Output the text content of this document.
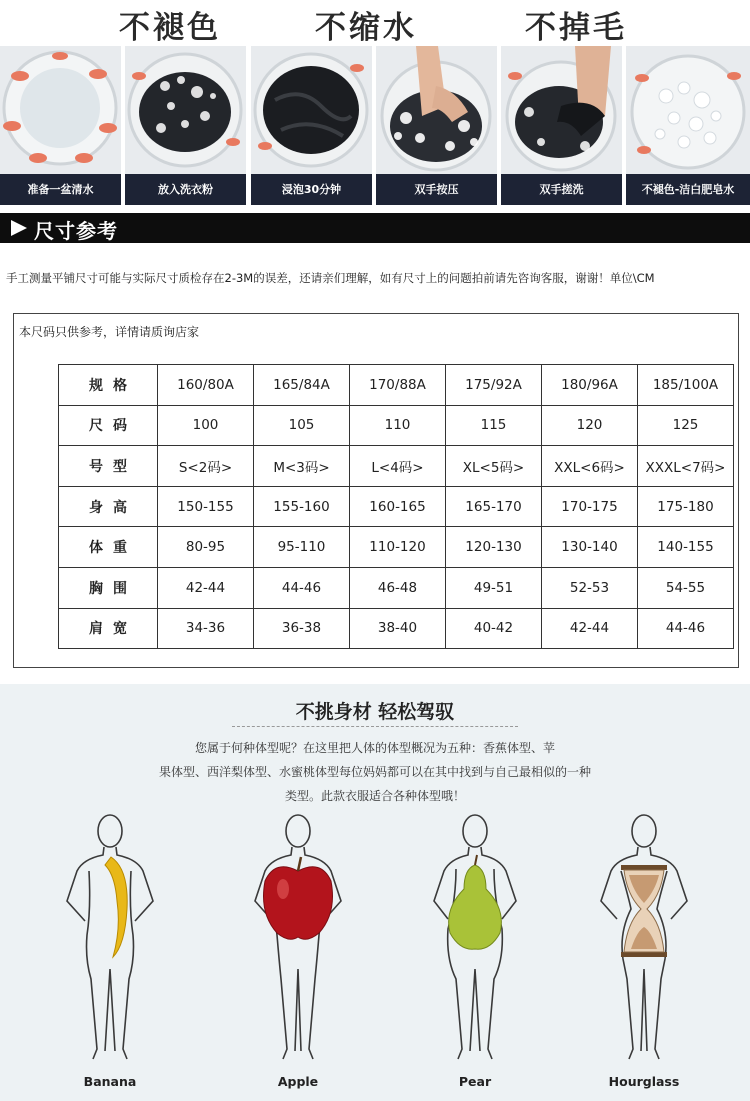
不褪色	不缩水	不掉毛
准备一盆清水	放入洗衣粉	浸泡30分钟	双手按压	双手搓洗	不褪色-洁白肥皂水
尺寸参考
手工测量平铺尺寸可能与实际尺寸质检存在2-3M的误差，还请亲们理解，如有尺寸上的问题拍前请先咨询客服，谢谢！单位\CM
本尺码只供参考，详情请质询店家
规格	160/80A	165/84A	170/88A	175/92A	180/96A	185/100A
尺码	100	105	110	115	120	125
号型	S<2码>	M<3码>	L<4码>	XL<5码>	XXL<6码>	XXXL<7码>
身高	150-155	155-160	160-165	165-170	170-175	175-180
体重	80-95	95-110	110-120	120-130	130-140	140-155
胸围	42-44	44-46	46-48	49-51	52-53	54-55
肩宽	34-36	36-38	38-40	40-42	42-44	44-46
不挑身材 轻松驾驭
您属于何种体型呢？在这里把人体的体型概况为五种：香蕉体型、苹
果体型、西洋梨体型、水蜜桃体型每位妈妈都可以在其中找到与自己最相似的一种
类型。此款衣服适合各种体型哦！
Banana	Apple	Pear	Hourglass
